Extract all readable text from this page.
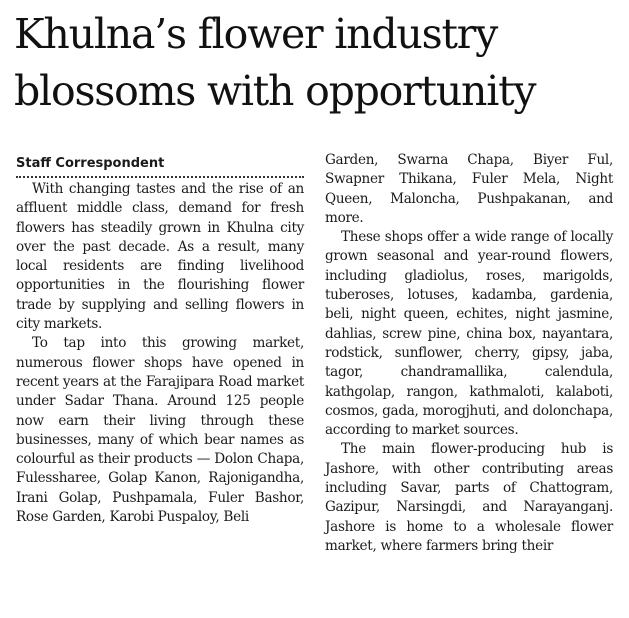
Khulna’s flower industry
blossoms with opportunity
Staff Correspondent

With changing tastes and the rise of an affluent middle class, demand for fresh flowers has steadily grown in Khulna city over the past decade. As a result, many local residents are finding livelihood opportunities in the flourishing flower trade by supplying and selling flowers in city markets.

To tap into this growing market, numerous flower shops have opened in recent years at the Farajipara Road market under Sadar Thana. Around 125 people now earn their living through these businesses, many of which bear names as colourful as their products — Dolon Chapa, Fulessharee, Golap Kanon, Rajonigandha, Irani Golap, Pushpamala, Fuler Bashor, Rose Garden, Karobi Puspaloy, Beli

Garden, Swarna Chapa, Biyer Ful, Swapner Thikana, Fuler Mela, Night Queen, Maloncha, Pushpakanan, and more.

These shops offer a wide range of locally grown seasonal and year-round flowers, including gladiolus, roses, marigolds, tuberoses, lotuses, kadamba, gardenia, beli, night queen, echites, night jasmine, dahlias, screw pine, china box, nayantara, rodstick, sunflower, cherry, gipsy, jaba, tagor, chandramallika, calendula, kathgolap, rangon, kathmaloti, kalaboti, cosmos, gada, morogjhuti, and dolonchapa, according to market sources.

The main flower-producing hub is Jashore, with other contributing areas including Savar, parts of Chattogram, Gazipur, Narsingdi, and Narayanganj. Jashore is home to a wholesale flower market, where farmers bring their
